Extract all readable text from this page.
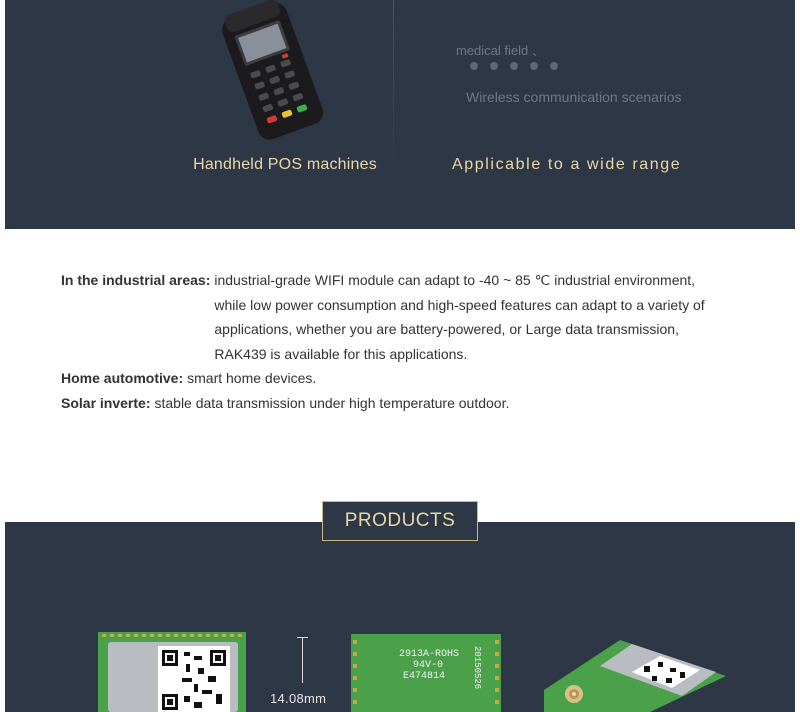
Handheld POS machines
medical field 、
Wireless communication scenarios
Applicable to a wide range
In the industrial areas: industrial-grade WIFI module can adapt to -40 ~ 85 ℃ industrial environment, while low power consumption and high-speed features can adapt to a variety of applications, whether you are battery-powered, or Large data transmission, RAK439 is available for this applications.
Home automotive: smart home devices.
Solar inverte: stable data transmission under high temperature outdoor.
PRODUCTS
14.08mm
2913A-ROHS
94V-0
E474814	20150526
